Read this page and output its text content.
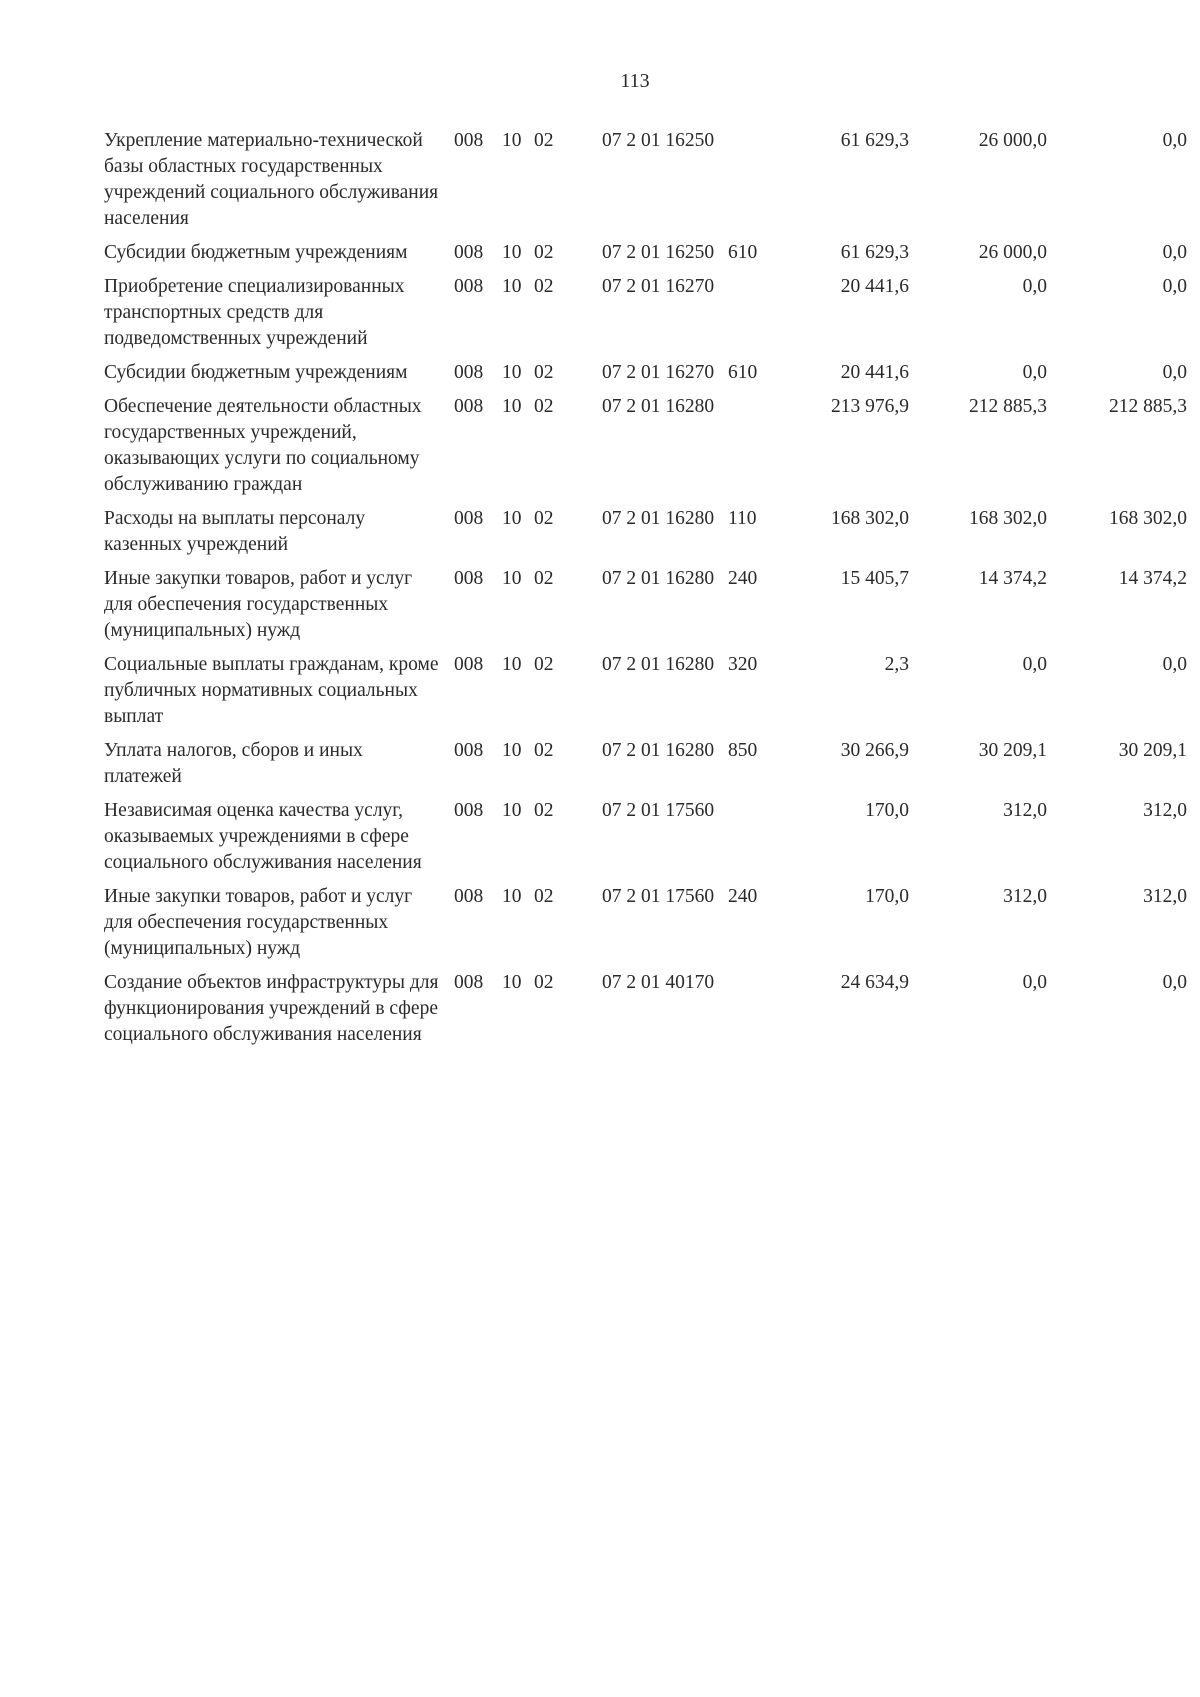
113
Укрепление материально-технической базы областных государственных учреждений социального обслуживания населения	008	10	02	07 2 01 16250		61 629,3	26 000,0	0,0
Субсидии бюджетным учреждениям	008	10	02	07 2 01 16250	610	61 629,3	26 000,0	0,0
Приобретение специализированных транспортных средств для подведомственных учреждений	008	10	02	07 2 01 16270		20 441,6	0,0	0,0
Субсидии бюджетным учреждениям	008	10	02	07 2 01 16270	610	20 441,6	0,0	0,0
Обеспечение деятельности областных государственных учреждений, оказывающих услуги по социальному обслуживанию граждан	008	10	02	07 2 01 16280		213 976,9	212 885,3	212 885,3
Расходы на выплаты персоналу казенных учреждений	008	10	02	07 2 01 16280	110	168 302,0	168 302,0	168 302,0
Иные закупки товаров, работ и услуг для обеспечения государственных (муниципальных) нужд	008	10	02	07 2 01 16280	240	15 405,7	14 374,2	14 374,2
Социальные выплаты гражданам, кроме публичных нормативных социальных выплат	008	10	02	07 2 01 16280	320	2,3	0,0	0,0
Уплата налогов, сборов и иных платежей	008	10	02	07 2 01 16280	850	30 266,9	30 209,1	30 209,1
Независимая оценка качества услуг, оказываемых учреждениями в сфере социального обслуживания населения	008	10	02	07 2 01 17560		170,0	312,0	312,0
Иные закупки товаров, работ и услуг для обеспечения государственных (муниципальных) нужд	008	10	02	07 2 01 17560	240	170,0	312,0	312,0
Создание объектов инфраструктуры для функционирования учреждений в сфере социального обслуживания населения	008	10	02	07 2 01 40170		24 634,9	0,0	0,0
